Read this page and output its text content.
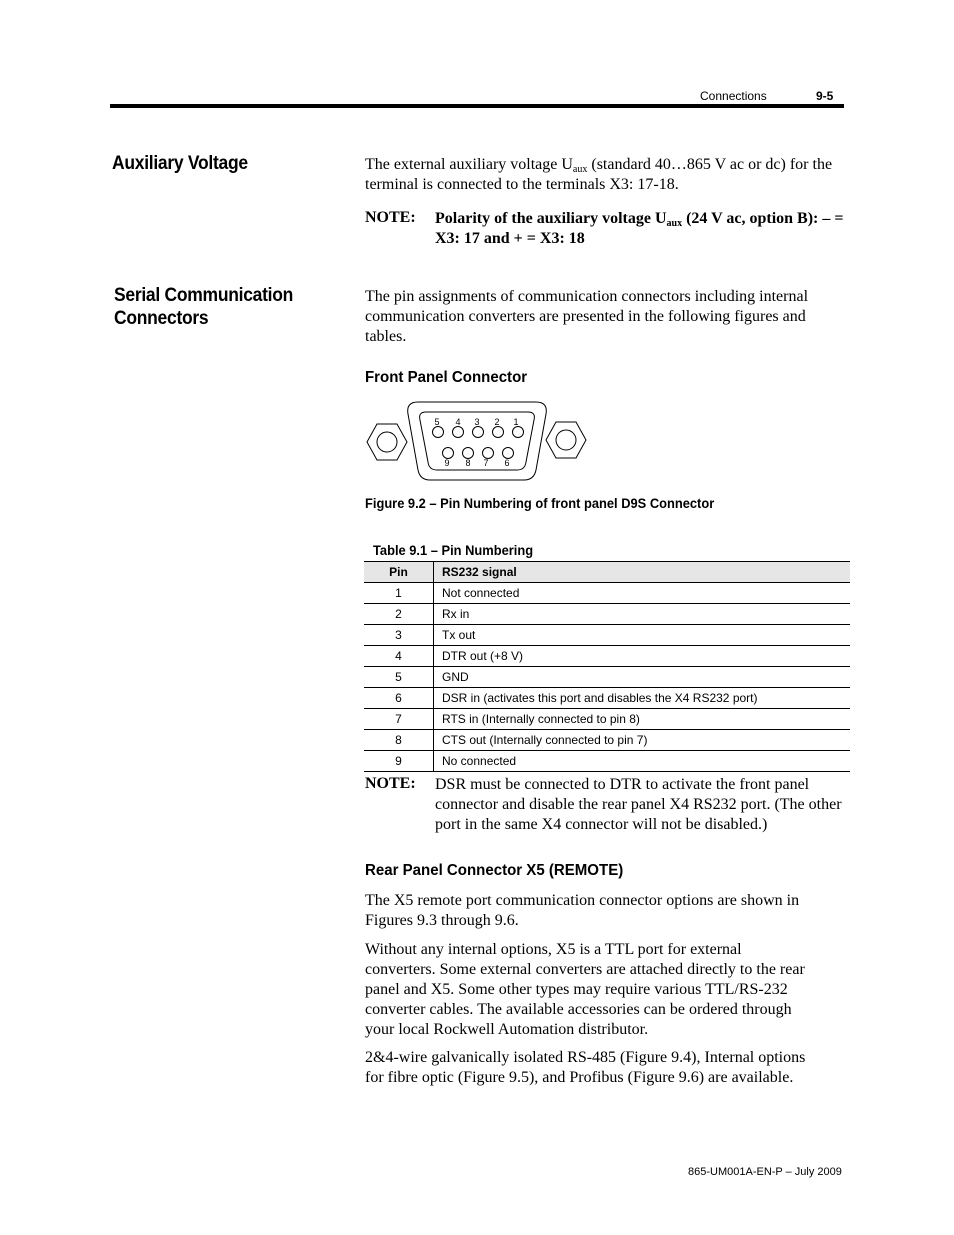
Connections	9-5
Auxiliary Voltage	The external auxiliary voltage $U_{aux}$ (standard 40…865 V ac or dc) for the terminal is connected to the terminals X3: 17-18.
NOTE: Polarity of the auxiliary voltage $U_{aux}$ (24 V ac, option B): – = X3: 17 and + = X3: 18
Serial Communication
Connectors
The pin assignments of communication connectors including internal communication converters are presented in the following figures and tables.
Front Panel Connector
5 4 3 2 1
9 8 7 6
Figure 9.2 – Pin Numbering of front panel D9S Connector
Table 9.1 – Pin Numbering
Pin	RS232 signal
1	Not connected
2	Rx in
3	Tx out
4	DTR out (+8 V)
5	GND
6	DSR in (activates this port and disables the X4 RS232 port)
7	RTS in (Internally connected to pin 8)
8	CTS out (Internally connected to pin 7)
9	No connected
NOTE: DSR must be connected to DTR to activate the front panel connector and disable the rear panel X4 RS232 port. (The other port in the same X4 connector will not be disabled.)
Rear Panel Connector X5 (REMOTE)
The X5 remote port communication connector options are shown in Figures 9.3 through 9.6.
Without any internal options, X5 is a TTL port for external converters. Some external converters are attached directly to the rear panel and X5. Some other types may require various TTL/RS-232 converter cables. The available accessories can be ordered through your local Rockwell Automation distributor.
2&4-wire galvanically isolated RS-485 (Figure 9.4), Internal options for fibre optic (Figure 9.5), and Profibus (Figure 9.6) are available.
865-UM001A-EN-P – July 2009
